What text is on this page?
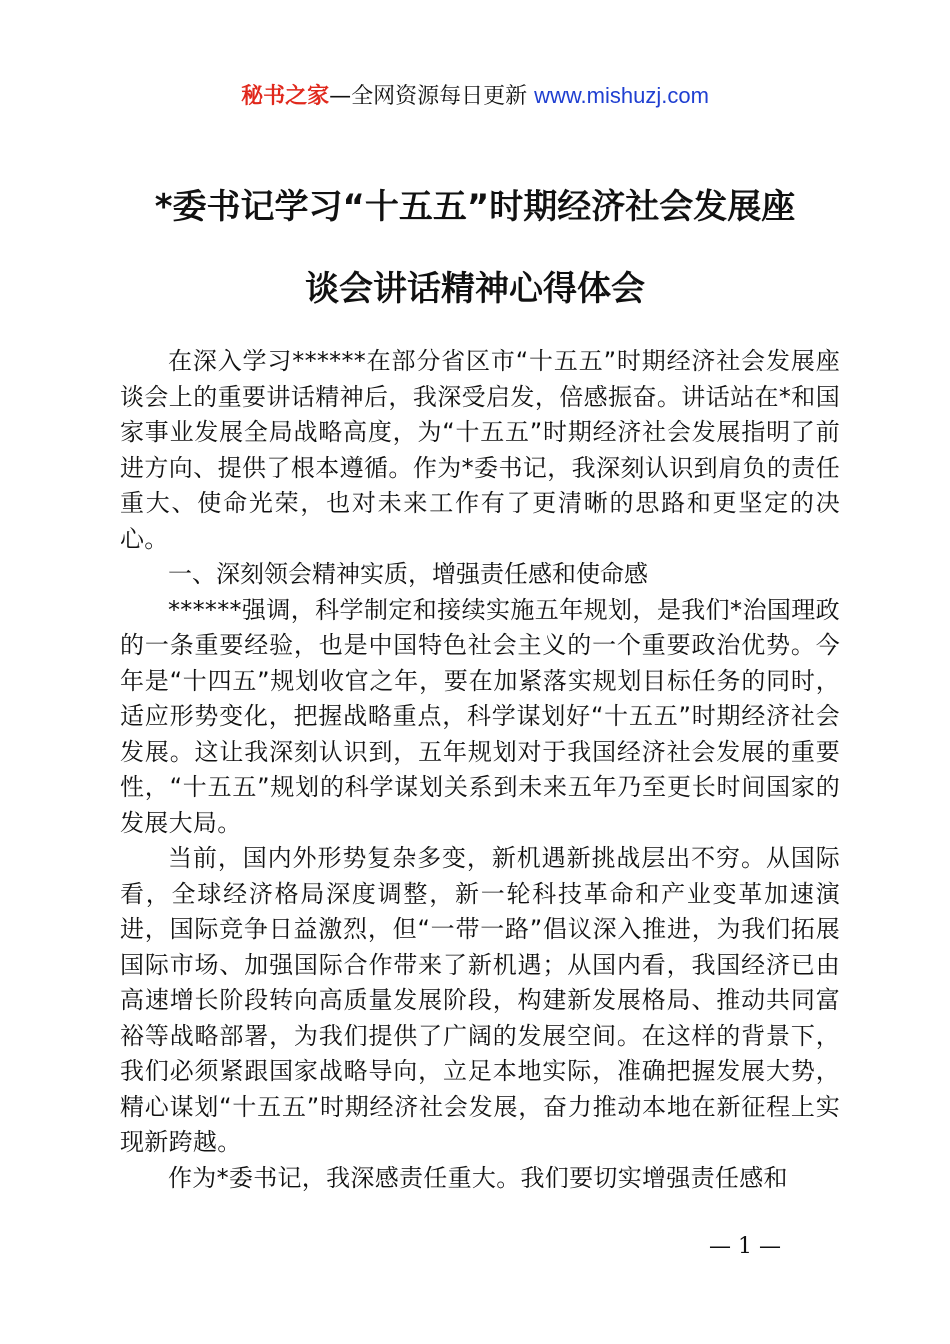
秘书之家—全网资源每日更新 www.mishuzj.com
*委书记学习“十五五”时期经济社会发展座
谈会讲话精神心得体会

在深入学习******在部分省区市“十五五”时期经济社会发展座谈会上的重要讲话精神后，我深受启发，倍感振奋。讲话站在*和国家事业发展全局战略高度，为“十五五”时期经济社会发展指明了前进方向、提供了根本遵循。作为*委书记，我深刻认识到肩负的责任重大、使命光荣，也对未来工作有了更清晰的思路和更坚定的决心。

一、深刻领会精神实质，增强责任感和使命感

******强调，科学制定和接续实施五年规划，是我们*治国理政的一条重要经验，也是中国特色社会主义的一个重要政治优势。今年是“十四五”规划收官之年，要在加紧落实规划目标任务的同时，适应形势变化，把握战略重点，科学谋划好“十五五”时期经济社会发展。这让我深刻认识到，五年规划对于我国经济社会发展的重要性，“十五五”规划的科学谋划关系到未来五年乃至更长时间国家的发展大局。

当前，国内外形势复杂多变，新机遇新挑战层出不穷。从国际看，全球经济格局深度调整，新一轮科技革命和产业变革加速演进，国际竞争日益激烈，但“一带一路”倡议深入推进，为我们拓展国际市场、加强国际合作带来了新机遇；从国内看，我国经济已由高速增长阶段转向高质量发展阶段，构建新发展格局、推动共同富裕等战略部署，为我们提供了广阔的发展空间。在这样的背景下，我们必须紧跟国家战略导向，立足本地实际，准确把握发展大势，精心谋划“十五五”时期经济社会发展，奋力推动本地在新征程上实现新跨越。

作为*委书记，我深感责任重大。我们要切实增强责任感和

— 1 —
